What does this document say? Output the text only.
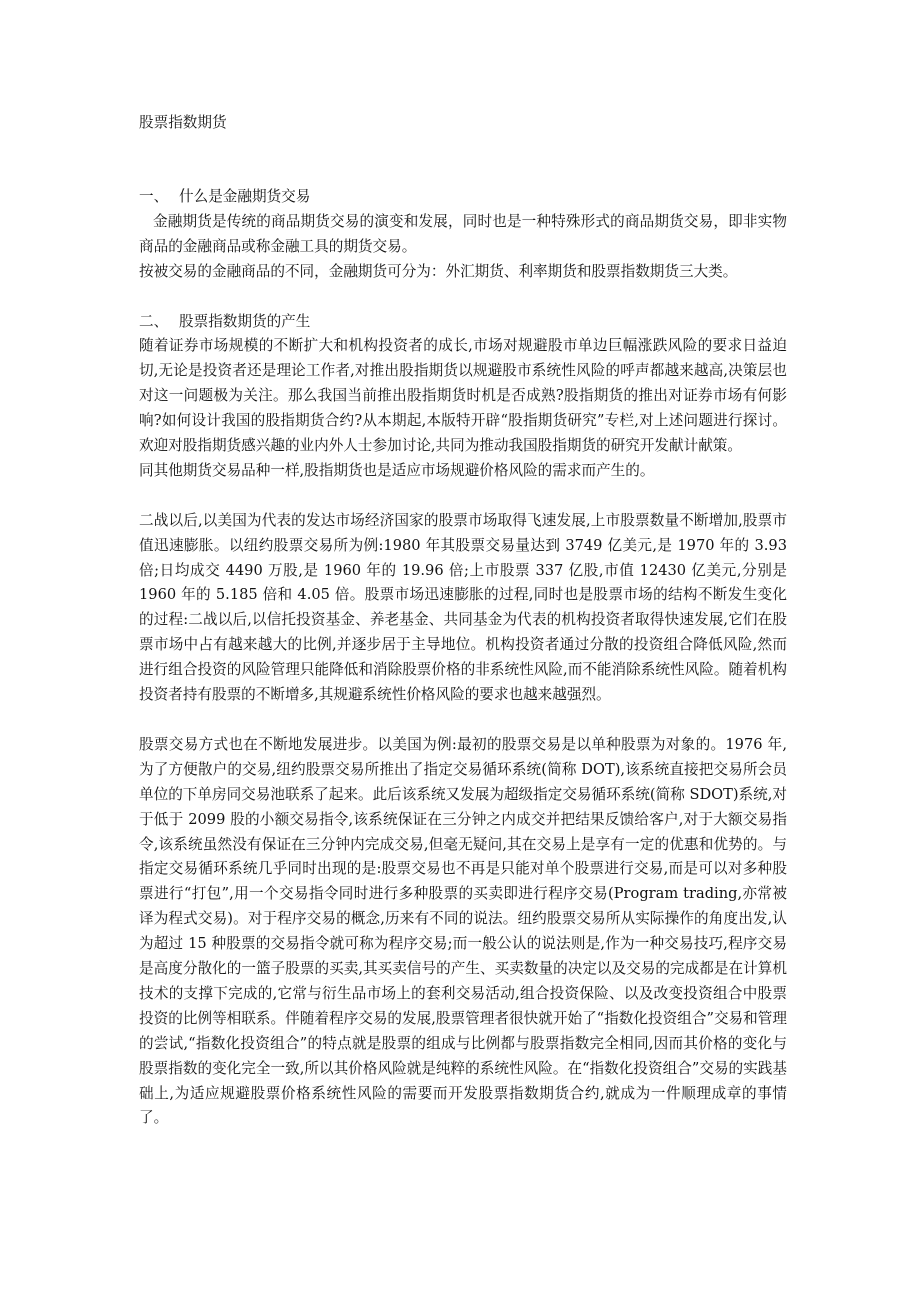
股票指数期货
一、 什么是金融期货交易

金融期货是传统的商品期货交易的演变和发展，同时也是一种特殊形式的商品期货交易，即非实物商品的金融商品或称金融工具的期货交易。

按被交易的金融商品的不同，金融期货可分为：外汇期货、利率期货和股票指数期货三大类。

二、 股票指数期货的产生

随着证券市场规模的不断扩大和机构投资者的成长,市场对规避股市单边巨幅涨跌风险的要求日益迫切,无论是投资者还是理论工作者,对推出股指期货以规避股市系统性风险的呼声都越来越高,决策层也对这一问题极为关注。那么我国当前推出股指期货时机是否成熟?股指期货的推出对证券市场有何影响?如何设计我国的股指期货合约?从本期起,本版特开辟“股指期货研究”专栏,对上述问题进行探讨。欢迎对股指期货感兴趣的业内外人士参加讨论,共同为推动我国股指期货的研究开发献计献策。

同其他期货交易品种一样,股指期货也是适应市场规避价格风险的需求而产生的。

二战以后,以美国为代表的发达市场经济国家的股票市场取得飞速发展,上市股票数量不断增加,股票市值迅速膨胀。以纽约股票交易所为例:1980 年其股票交易量达到 3749 亿美元,是 1970 年的 3.93 倍;日均成交 4490 万股,是 1960 年的 19.96 倍;上市股票 337 亿股,市值 12430 亿美元,分别是 1960 年的 5.185 倍和 4.05 倍。股票市场迅速膨胀的过程,同时也是股票市场的结构不断发生变化的过程:二战以后,以信托投资基金、养老基金、共同基金为代表的机构投资者取得快速发展,它们在股票市场中占有越来越大的比例,并逐步居于主导地位。机构投资者通过分散的投资组合降低风险,然而进行组合投资的风险管理只能降低和消除股票价格的非系统性风险,而不能消除系统性风险。随着机构投资者持有股票的不断增多,其规避系统性价格风险的要求也越来越强烈。

股票交易方式也在不断地发展进步。以美国为例:最初的股票交易是以单种股票为对象的。1976 年,为了方便散户的交易,纽约股票交易所推出了指定交易循环系统(简称 DOT),该系统直接把交易所会员单位的下单房同交易池联系了起来。此后该系统又发展为超级指定交易循环系统(简称 SDOT)系统,对于低于 2099 股的小额交易指令,该系统保证在三分钟之内成交并把结果反馈给客户,对于大额交易指令,该系统虽然没有保证在三分钟内完成交易,但毫无疑问,其在交易上是享有一定的优惠和优势的。与指定交易循环系统几乎同时出现的是:股票交易也不再是只能对单个股票进行交易,而是可以对多种股票进行“打包”,用一个交易指令同时进行多种股票的买卖即进行程序交易(Program trading,亦常被译为程式交易)。对于程序交易的概念,历来有不同的说法。纽约股票交易所从实际操作的角度出发,认为超过 15 种股票的交易指令就可称为程序交易;而一般公认的说法则是,作为一种交易技巧,程序交易是高度分散化的一篮子股票的买卖,其买卖信号的产生、买卖数量的决定以及交易的完成都是在计算机技术的支撑下完成的,它常与衍生品市场上的套利交易活动,组合投资保险、以及改变投资组合中股票投资的比例等相联系。伴随着程序交易的发展,股票管理者很快就开始了“指数化投资组合”交易和管理的尝试,“指数化投资组合”的特点就是股票的组成与比例都与股票指数完全相同,因而其价格的变化与股票指数的变化完全一致,所以其价格风险就是纯粹的系统性风险。在“指数化投资组合”交易的实践基础上,为适应规避股票价格系统性风险的需要而开发股票指数期货合约,就成为一件顺理成章的事情了。
